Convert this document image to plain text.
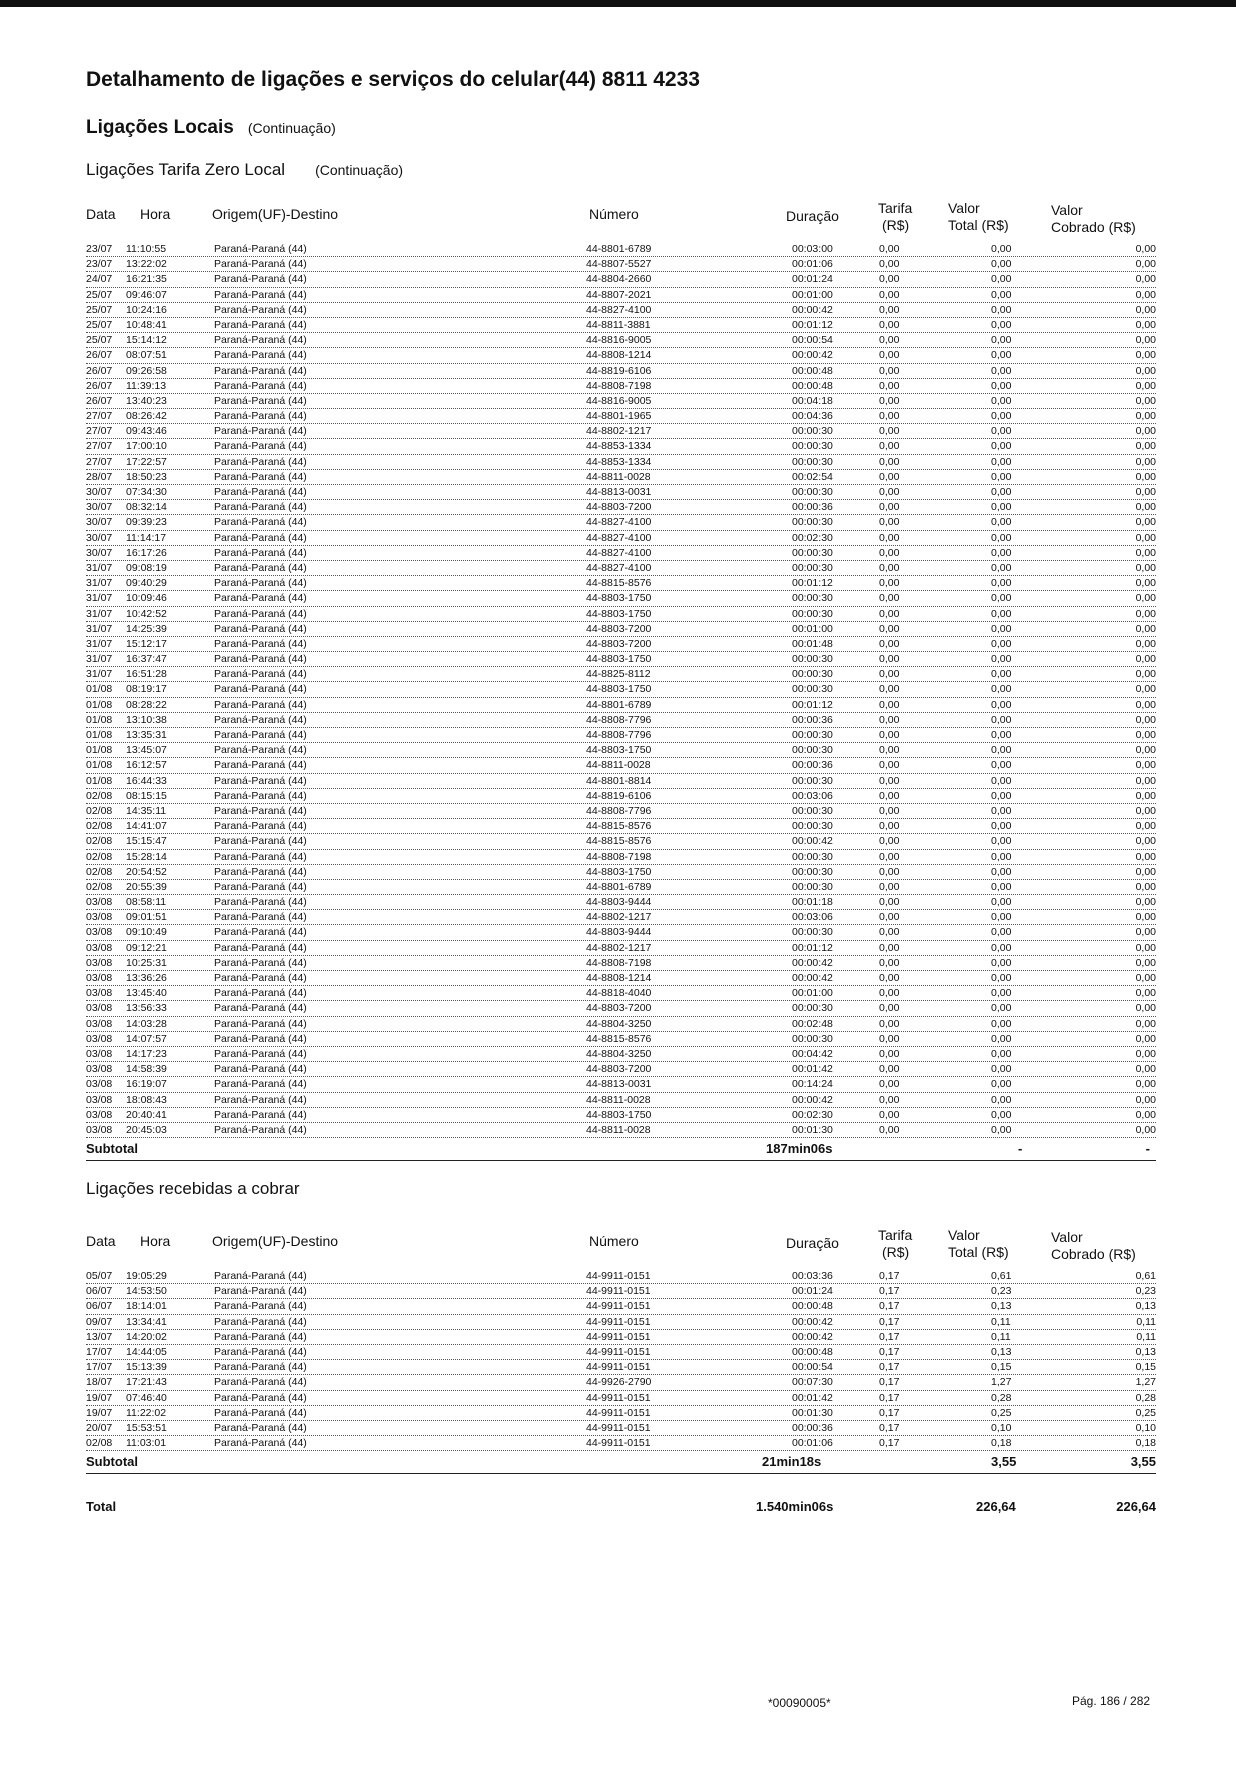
Detalhamento de ligações e serviços do celular(44) 8811 4233
Ligações Locais (Continuação)
Ligações Tarifa Zero Local (Continuação)
Data Hora	Origem(UF)-Destino	Número	Duração	Tarifa
(R$)
Valor
Total (R$)
Valor
Cobrado (R$)
23/07 11:10:55	Paraná-Paraná (44)	44-8801-6789	00:03:00	0,00	0,00	0,00
23/07 13:22:02	Paraná-Paraná (44)	44-8807-5527	00:01:06	0,00	0,00	0,00
24/07 16:21:35	Paraná-Paraná (44)	44-8804-2660	00:01:24	0,00	0,00	0,00
25/07 09:46:07	Paraná-Paraná (44)	44-8807-2021	00:01:00	0,00	0,00	0,00
25/07 10:24:16	Paraná-Paraná (44)	44-8827-4100	00:00:42	0,00	0,00	0,00
25/07 10:48:41	Paraná-Paraná (44)	44-8811-3881	00:01:12	0,00	0,00	0,00
25/07 15:14:12	Paraná-Paraná (44)	44-8816-9005	00:00:54	0,00	0,00	0,00
26/07 08:07:51	Paraná-Paraná (44)	44-8808-1214	00:00:42	0,00	0,00	0,00
26/07 09:26:58	Paraná-Paraná (44)	44-8819-6106	00:00:48	0,00	0,00	0,00
26/07 11:39:13	Paraná-Paraná (44)	44-8808-7198	00:00:48	0,00	0,00	0,00
26/07 13:40:23	Paraná-Paraná (44)	44-8816-9005	00:04:18	0,00	0,00	0,00
27/07 08:26:42	Paraná-Paraná (44)	44-8801-1965	00:04:36	0,00	0,00	0,00
27/07 09:43:46	Paraná-Paraná (44)	44-8802-1217	00:00:30	0,00	0,00	0,00
27/07 17:00:10	Paraná-Paraná (44)	44-8853-1334	00:00:30	0,00	0,00	0,00
27/07 17:22:57	Paraná-Paraná (44)	44-8853-1334	00:00:30	0,00	0,00	0,00
28/07 18:50:23	Paraná-Paraná (44)	44-8811-0028	00:02:54	0,00	0,00	0,00
30/07 07:34:30	Paraná-Paraná (44)	44-8813-0031	00:00:30	0,00	0,00	0,00
30/07 08:32:14	Paraná-Paraná (44)	44-8803-7200	00:00:36	0,00	0,00	0,00
30/07 09:39:23	Paraná-Paraná (44)	44-8827-4100	00:00:30	0,00	0,00	0,00
30/07 11:14:17	Paraná-Paraná (44)	44-8827-4100	00:02:30	0,00	0,00	0,00
30/07 16:17:26	Paraná-Paraná (44)	44-8827-4100	00:00:30	0,00	0,00	0,00
31/07 09:08:19	Paraná-Paraná (44)	44-8827-4100	00:00:30	0,00	0,00	0,00
31/07 09:40:29	Paraná-Paraná (44)	44-8815-8576	00:01:12	0,00	0,00	0,00
31/07 10:09:46	Paraná-Paraná (44)	44-8803-1750	00:00:30	0,00	0,00	0,00
31/07 10:42:52	Paraná-Paraná (44)	44-8803-1750	00:00:30	0,00	0,00	0,00
31/07 14:25:39	Paraná-Paraná (44)	44-8803-7200	00:01:00	0,00	0,00	0,00
31/07 15:12:17	Paraná-Paraná (44)	44-8803-7200	00:01:48	0,00	0,00	0,00
31/07 16:37:47	Paraná-Paraná (44)	44-8803-1750	00:00:30	0,00	0,00	0,00
31/07 16:51:28	Paraná-Paraná (44)	44-8825-8112	00:00:30	0,00	0,00	0,00
01/08 08:19:17	Paraná-Paraná (44)	44-8803-1750	00:00:30	0,00	0,00	0,00
01/08 08:28:22	Paraná-Paraná (44)	44-8801-6789	00:01:12	0,00	0,00	0,00
01/08 13:10:38	Paraná-Paraná (44)	44-8808-7796	00:00:36	0,00	0,00	0,00
01/08 13:35:31	Paraná-Paraná (44)	44-8808-7796	00:00:30	0,00	0,00	0,00
01/08 13:45:07	Paraná-Paraná (44)	44-8803-1750	00:00:30	0,00	0,00	0,00
01/08 16:12:57	Paraná-Paraná (44)	44-8811-0028	00:00:36	0,00	0,00	0,00
01/08 16:44:33	Paraná-Paraná (44)	44-8801-8814	00:00:30	0,00	0,00	0,00
02/08 08:15:15	Paraná-Paraná (44)	44-8819-6106	00:03:06	0,00	0,00	0,00
02/08 14:35:11	Paraná-Paraná (44)	44-8808-7796	00:00:30	0,00	0,00	0,00
02/08 14:41:07	Paraná-Paraná (44)	44-8815-8576	00:00:30	0,00	0,00	0,00
02/08 15:15:47	Paraná-Paraná (44)	44-8815-8576	00:00:42	0,00	0,00	0,00
02/08 15:28:14	Paraná-Paraná (44)	44-8808-7198	00:00:30	0,00	0,00	0,00
02/08 20:54:52	Paraná-Paraná (44)	44-8803-1750	00:00:30	0,00	0,00	0,00
02/08 20:55:39	Paraná-Paraná (44)	44-8801-6789	00:00:30	0,00	0,00	0,00
03/08 08:58:11	Paraná-Paraná (44)	44-8803-9444	00:01:18	0,00	0,00	0,00
03/08 09:01:51	Paraná-Paraná (44)	44-8802-1217	00:03:06	0,00	0,00	0,00
03/08 09:10:49	Paraná-Paraná (44)	44-8803-9444	00:00:30	0,00	0,00	0,00
03/08 09:12:21	Paraná-Paraná (44)	44-8802-1217	00:01:12	0,00	0,00	0,00
03/08 10:25:31	Paraná-Paraná (44)	44-8808-7198	00:00:42	0,00	0,00	0,00
03/08 13:36:26	Paraná-Paraná (44)	44-8808-1214	00:00:42	0,00	0,00	0,00
03/08 13:45:40	Paraná-Paraná (44)	44-8818-4040	00:01:00	0,00	0,00	0,00
03/08 13:56:33	Paraná-Paraná (44)	44-8803-7200	00:00:30	0,00	0,00	0,00
03/08 14:03:28	Paraná-Paraná (44)	44-8804-3250	00:02:48	0,00	0,00	0,00
03/08 14:07:57	Paraná-Paraná (44)	44-8815-8576	00:00:30	0,00	0,00	0,00
03/08 14:17:23	Paraná-Paraná (44)	44-8804-3250	00:04:42	0,00	0,00	0,00
03/08 14:58:39	Paraná-Paraná (44)	44-8803-7200	00:01:42	0,00	0,00	0,00
03/08 16:19:07	Paraná-Paraná (44)	44-8813-0031	00:14:24	0,00	0,00	0,00
03/08 18:08:43	Paraná-Paraná (44)	44-8811-0028	00:00:42	0,00	0,00	0,00
03/08 20:40:41	Paraná-Paraná (44)	44-8803-1750	00:02:30	0,00	0,00	0,00
03/08 20:45:03	Paraná-Paraná (44)	44-8811-0028	00:01:30	0,00	0,00	0,00
Subtotal	187min06s	-	-
Ligações recebidas a cobrar
Data Hora	Origem(UF)-Destino	Número	Duração	Tarifa
(R$)
Valor
Total (R$)
Valor
Cobrado (R$)
05/07 19:05:29	Paraná-Paraná (44)	44-9911-0151	00:03:36	0,17	0,61	0,61
06/07 14:53:50	Paraná-Paraná (44)	44-9911-0151	00:01:24	0,17	0,23	0,23
06/07 18:14:01	Paraná-Paraná (44)	44-9911-0151	00:00:48	0,17	0,13	0,13
09/07 13:34:41	Paraná-Paraná (44)	44-9911-0151	00:00:42	0,17	0,11	0,11
13/07 14:20:02	Paraná-Paraná (44)	44-9911-0151	00:00:42	0,17	0,11	0,11
17/07 14:44:05	Paraná-Paraná (44)	44-9911-0151	00:00:48	0,17	0,13	0,13
17/07 15:13:39	Paraná-Paraná (44)	44-9911-0151	00:00:54	0,17	0,15	0,15
18/07 17:21:43	Paraná-Paraná (44)	44-9926-2790	00:07:30	0,17	1,27	1,27
19/07 07:46:40	Paraná-Paraná (44)	44-9911-0151	00:01:42	0,17	0,28	0,28
19/07 11:22:02	Paraná-Paraná (44)	44-9911-0151	00:01:30	0,17	0,25	0,25
20/07 15:53:51	Paraná-Paraná (44)	44-9911-0151	00:00:36	0,17	0,10	0,10
02/08 11:03:01	Paraná-Paraná (44)	44-9911-0151	00:01:06	0,17	0,18	0,18
Subtotal	21min18s	3,55	3,55
Total	1.540min06s	226,64	226,64
*00090005*	Pág. 186 / 282
